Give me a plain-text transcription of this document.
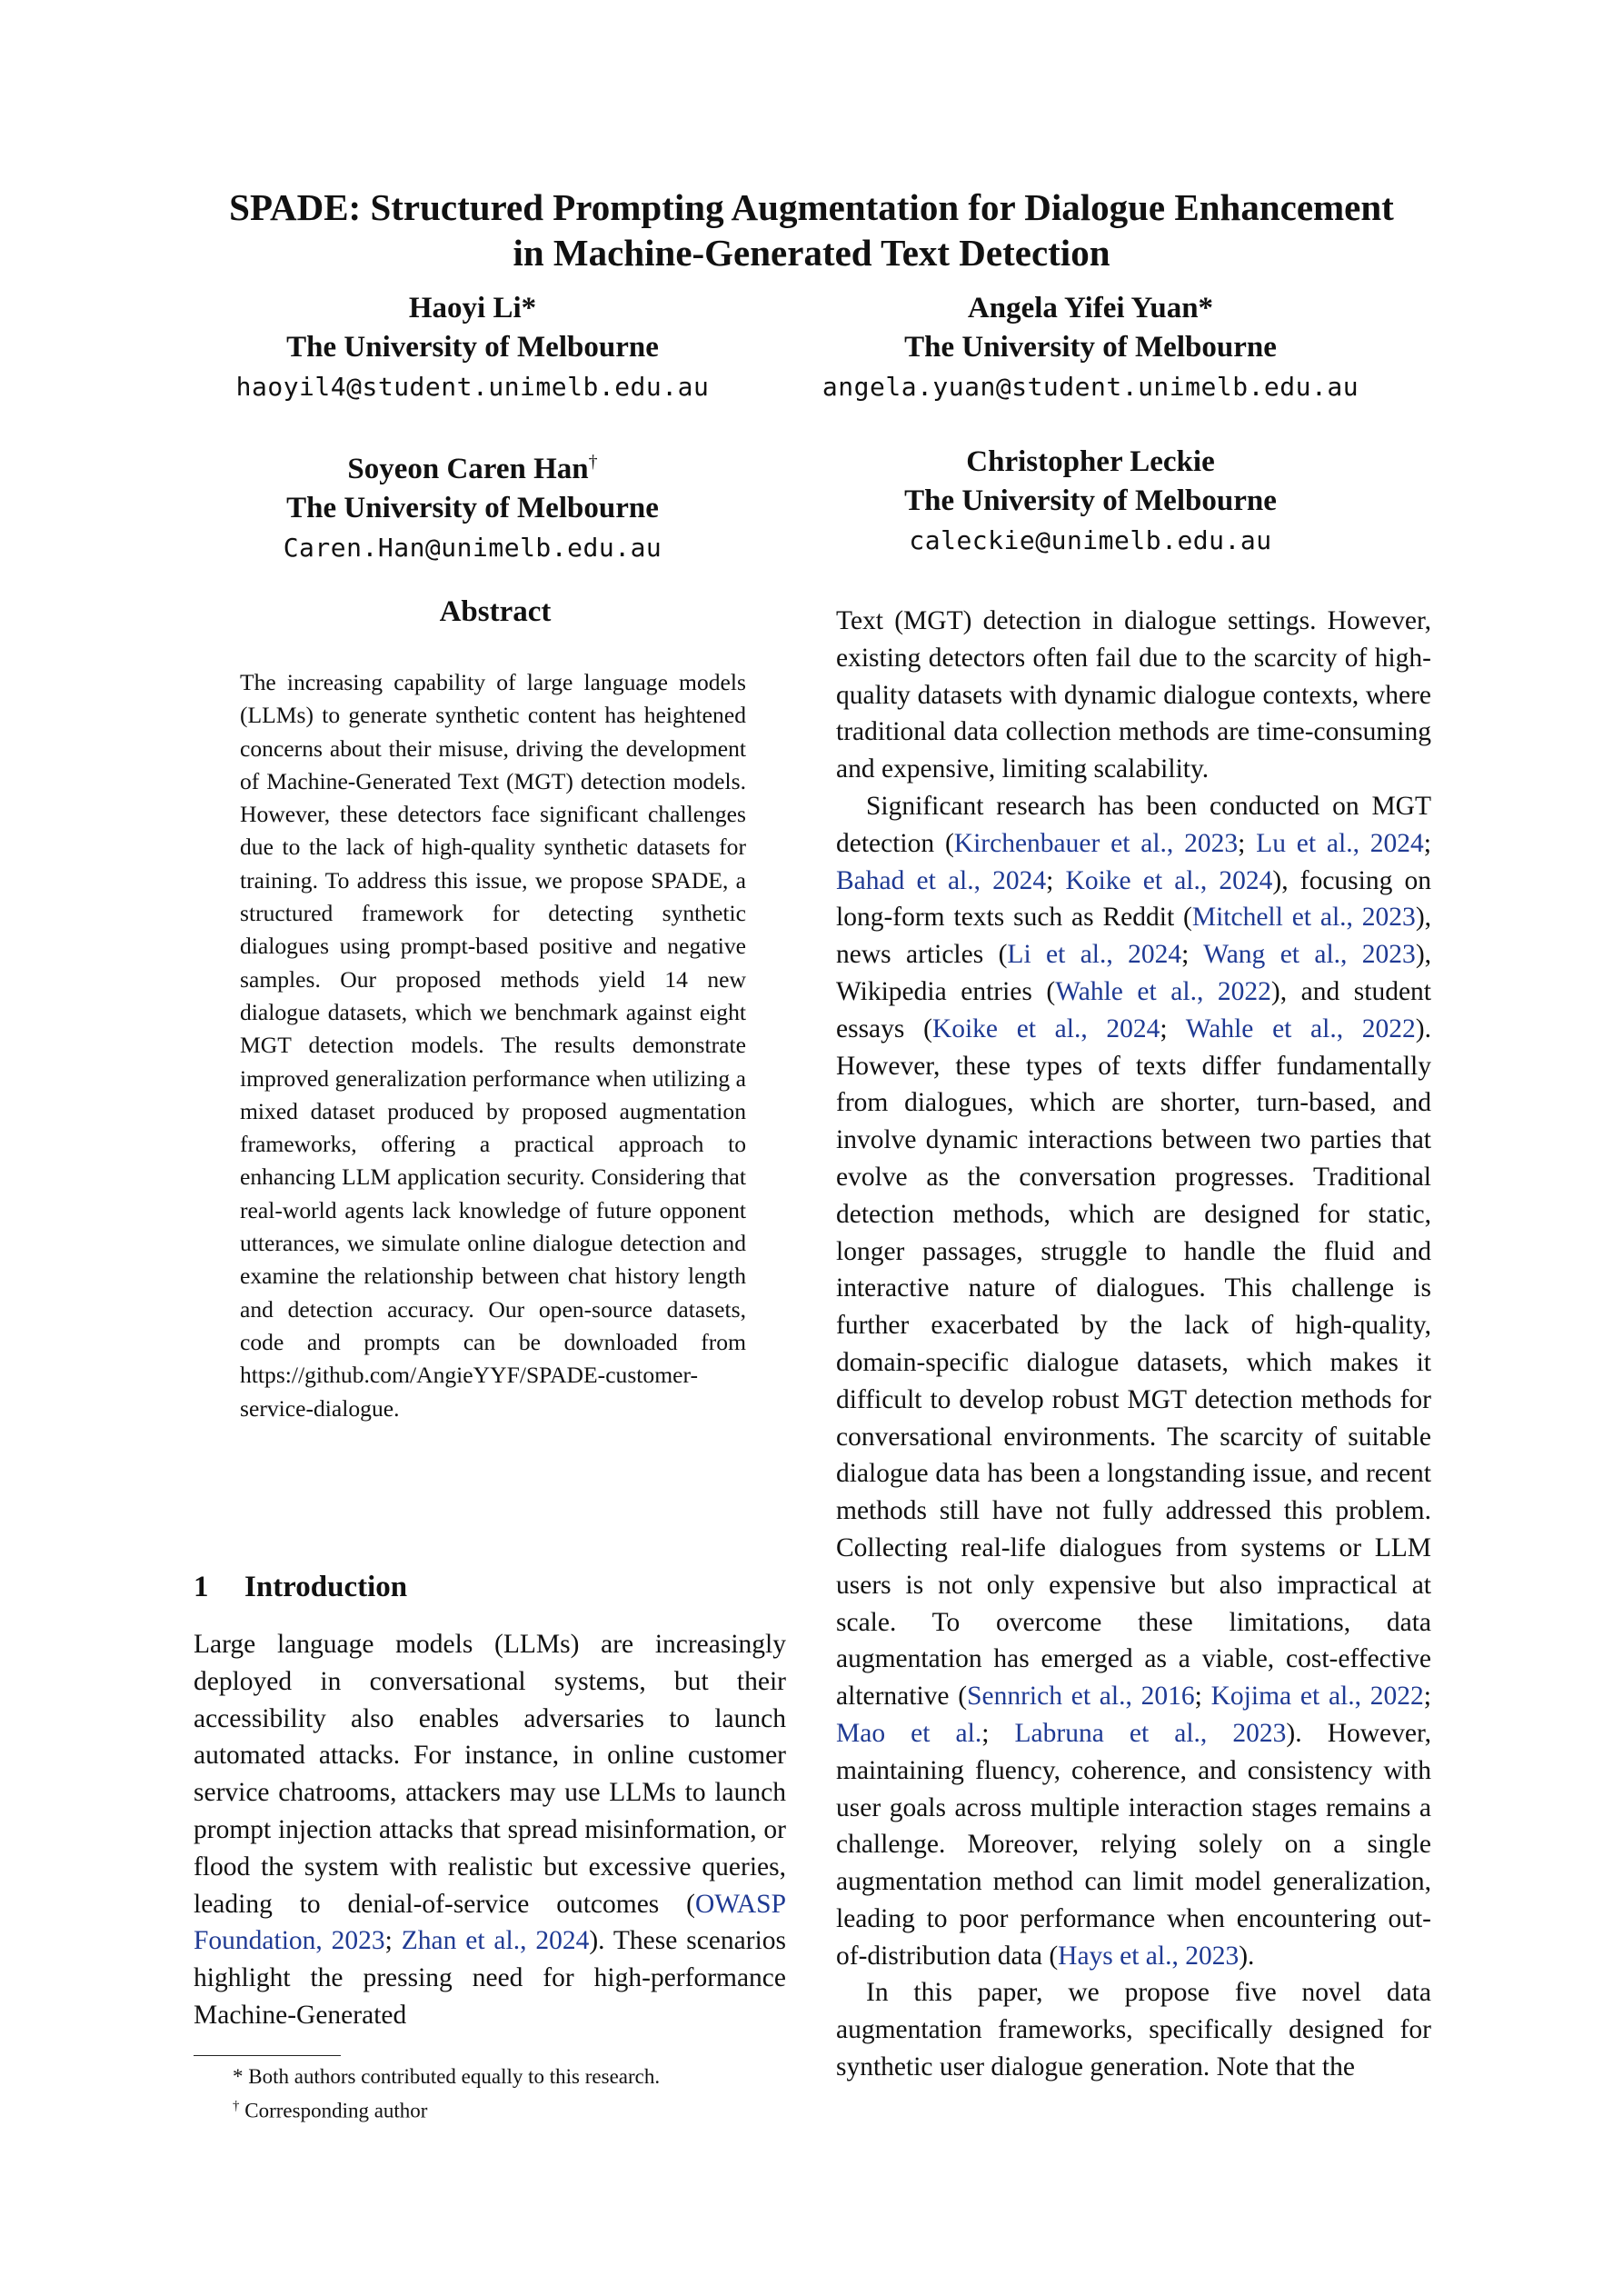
SPADE: Structured Prompting Augmentation for Dialogue Enhancement
in Machine-Generated Text Detection
Haoyi Li*
The University of Melbourne
haoyil4@student.unimelb.edu.au
Angela Yifei Yuan*
The University of Melbourne
angela.yuan@student.unimelb.edu.au
Soyeon Caren Han†
The University of Melbourne
Caren.Han@unimelb.edu.au
Christopher Leckie
The University of Melbourne
caleckie@unimelb.edu.au
Abstract
The increasing capability of large language models (LLMs) to generate synthetic content has heightened concerns about their misuse, driving the development of Machine-Generated Text (MGT) detection models. However, these detectors face significant challenges due to the lack of high-quality synthetic datasets for training. To address this issue, we propose SPADE, a structured framework for detecting synthetic dialogues using prompt-based positive and negative samples. Our proposed methods yield 14 new dialogue datasets, which we benchmark against eight MGT detection models. The results demonstrate improved generalization performance when utilizing a mixed dataset produced by proposed augmentation frameworks, offering a practical approach to enhancing LLM application security. Considering that real-world agents lack knowledge of future opponent utterances, we simulate online dialogue detection and examine the relationship between chat history length and detection accuracy. Our open-source datasets, code and prompts can be downloaded from https://github.com/AngieYYF/SPADE-customer-service-dialogue.
1 Introduction

Large language models (LLMs) are increasingly deployed in conversational systems, but their accessibility also enables adversaries to launch automated attacks. For instance, in online customer service chatrooms, attackers may use LLMs to launch prompt injection attacks that spread misinformation, or flood the system with realistic but excessive queries, leading to denial-of-service outcomes (OWASP Foundation, 2023; Zhan et al., 2024). These scenarios highlight the pressing need for high-performance Machine-Generated

* Both authors contributed equally to this research.
† Corresponding author

Text (MGT) detection in dialogue settings. However, existing detectors often fail due to the scarcity of high-quality datasets with dynamic dialogue contexts, where traditional data collection methods are time-consuming and expensive, limiting scalability.

Significant research has been conducted on MGT detection (Kirchenbauer et al., 2023; Lu et al., 2024; Bahad et al., 2024; Koike et al., 2024), focusing on long-form texts such as Reddit (Mitchell et al., 2023), news articles (Li et al., 2024; Wang et al., 2023), Wikipedia entries (Wahle et al., 2022), and student essays (Koike et al., 2024; Wahle et al., 2022). However, these types of texts differ fundamentally from dialogues, which are shorter, turn-based, and involve dynamic interactions between two parties that evolve as the conversation progresses. Traditional detection methods, which are designed for static, longer passages, struggle to handle the fluid and interactive nature of dialogues. This challenge is further exacerbated by the lack of high-quality, domain-specific dialogue datasets, which makes it difficult to develop robust MGT detection methods for conversational environments. The scarcity of suitable dialogue data has been a longstanding issue, and recent methods still have not fully addressed this problem. Collecting real-life dialogues from systems or LLM users is not only expensive but also impractical at scale. To overcome these limitations, data augmentation has emerged as a viable, cost-effective alternative (Sennrich et al., 2016; Kojima et al., 2022; Mao et al.; Labruna et al., 2023). However, maintaining fluency, coherence, and consistency with user goals across multiple interaction stages remains a challenge. Moreover, relying solely on a single augmentation method can limit model generalization, leading to poor performance when encountering out-of-distribution data (Hays et al., 2023).

In this paper, we propose five novel data augmentation frameworks, specifically designed for synthetic user dialogue generation. Note that the
